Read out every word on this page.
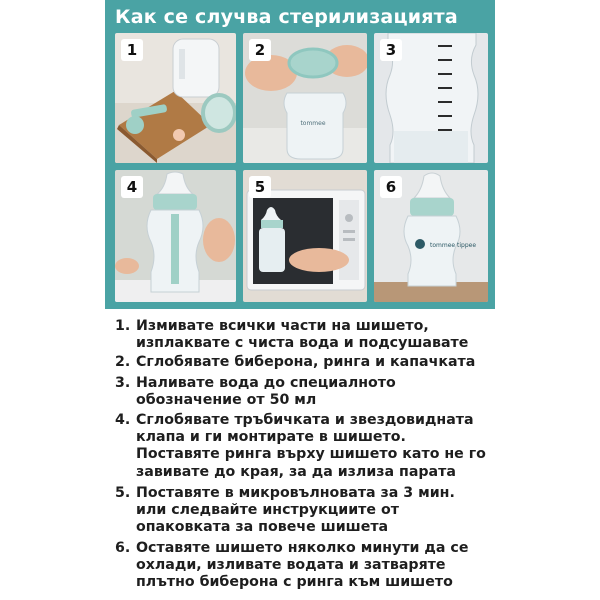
Как се случва стерилизацията
1
tommee
2	3
4	5
tommee tippee
6
1. Измивате всички части на шишето, изплаквате с чиста вода и подсушавате
2. Сглобявате биберона, ринга и капачката
3. Наливате вода до специалното обозначение от 50 мл
4. Сглобявате тръбичката и звездовидната клапа и ги монтирате в шишето. Поставяте ринга върху шишето като не го завивате до края, за да излиза парата
5. Поставяте в микровълновата за 3 мин. или следвайте инструкциите от опаковката за повече шишета
6. Оставяте шишето няколко минути да се охлади, изливате водата и затваряте плътно биберона с ринга към шишето
